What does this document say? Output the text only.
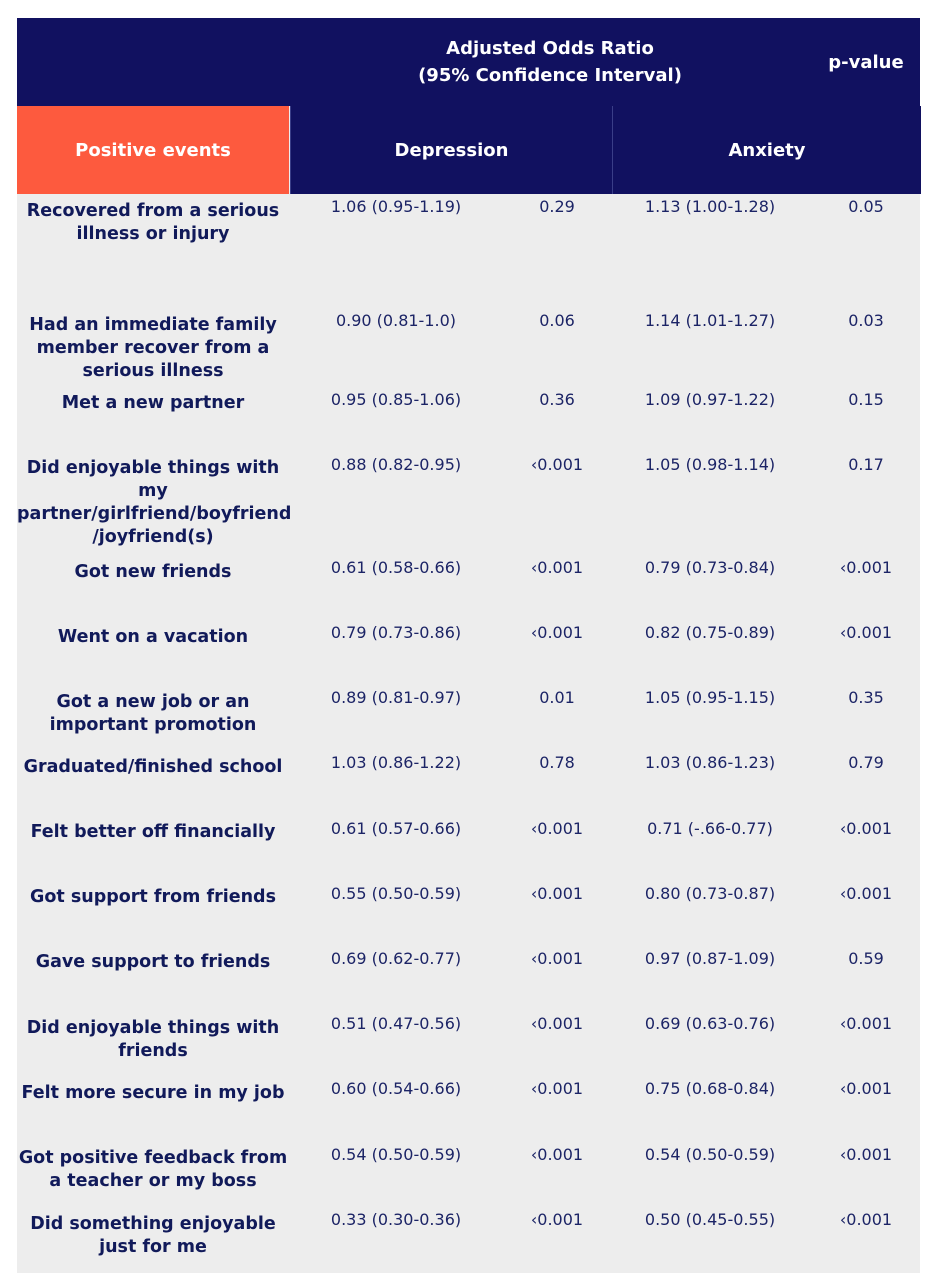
Adjusted Odds Ratio
(95% Confidence Interval)
p-value
Positive events	Depression	Anxiety
Recovered from a serious illness or injury
1.06 (0.95-1.19)	0.29	1.13 (1.00-1.28)	0.05
Had an immediate family member recover from a serious illness
0.90 (0.81-1.0)	0.06	1.14 (1.01-1.27)	0.03
Met a new partner	0.95 (0.85-1.06)	0.36	1.09 (0.97-1.22)	0.15
Did enjoyable things with my partner/girlfriend/boyfriend /joyfriend(s)
0.88 (0.82-0.95)	‹0.001	1.05 (0.98-1.14)	0.17
Got new friends	0.61 (0.58-0.66)	‹0.001	0.79 (0.73-0.84)	‹0.001
Went on a vacation	0.79 (0.73-0.86)	‹0.001	0.82 (0.75-0.89)	‹0.001
Got a new job or an important promotion
0.89 (0.81-0.97)	0.01	1.05 (0.95-1.15)	0.35
Graduated/finished school	1.03 (0.86-1.22)	0.78	1.03 (0.86-1.23)	0.79
Felt better off financially	0.61 (0.57-0.66)	‹0.001	0.71 (-.66-0.77)	‹0.001
Got support from friends	0.55 (0.50-0.59)	‹0.001	0.80 (0.73-0.87)	‹0.001
Gave support to friends	0.69 (0.62-0.77)	‹0.001	0.97 (0.87-1.09)	0.59
Did enjoyable things with friends
0.51 (0.47-0.56)	‹0.001	0.69 (0.63-0.76)	‹0.001
Felt more secure in my job	0.60 (0.54-0.66)	‹0.001	0.75 (0.68-0.84)	‹0.001
Got positive feedback from a teacher or my boss
0.54 (0.50-0.59)	‹0.001	0.54 (0.50-0.59)	‹0.001
Did something enjoyable just for me
0.33 (0.30-0.36)	‹0.001	0.50 (0.45-0.55)	‹0.001
